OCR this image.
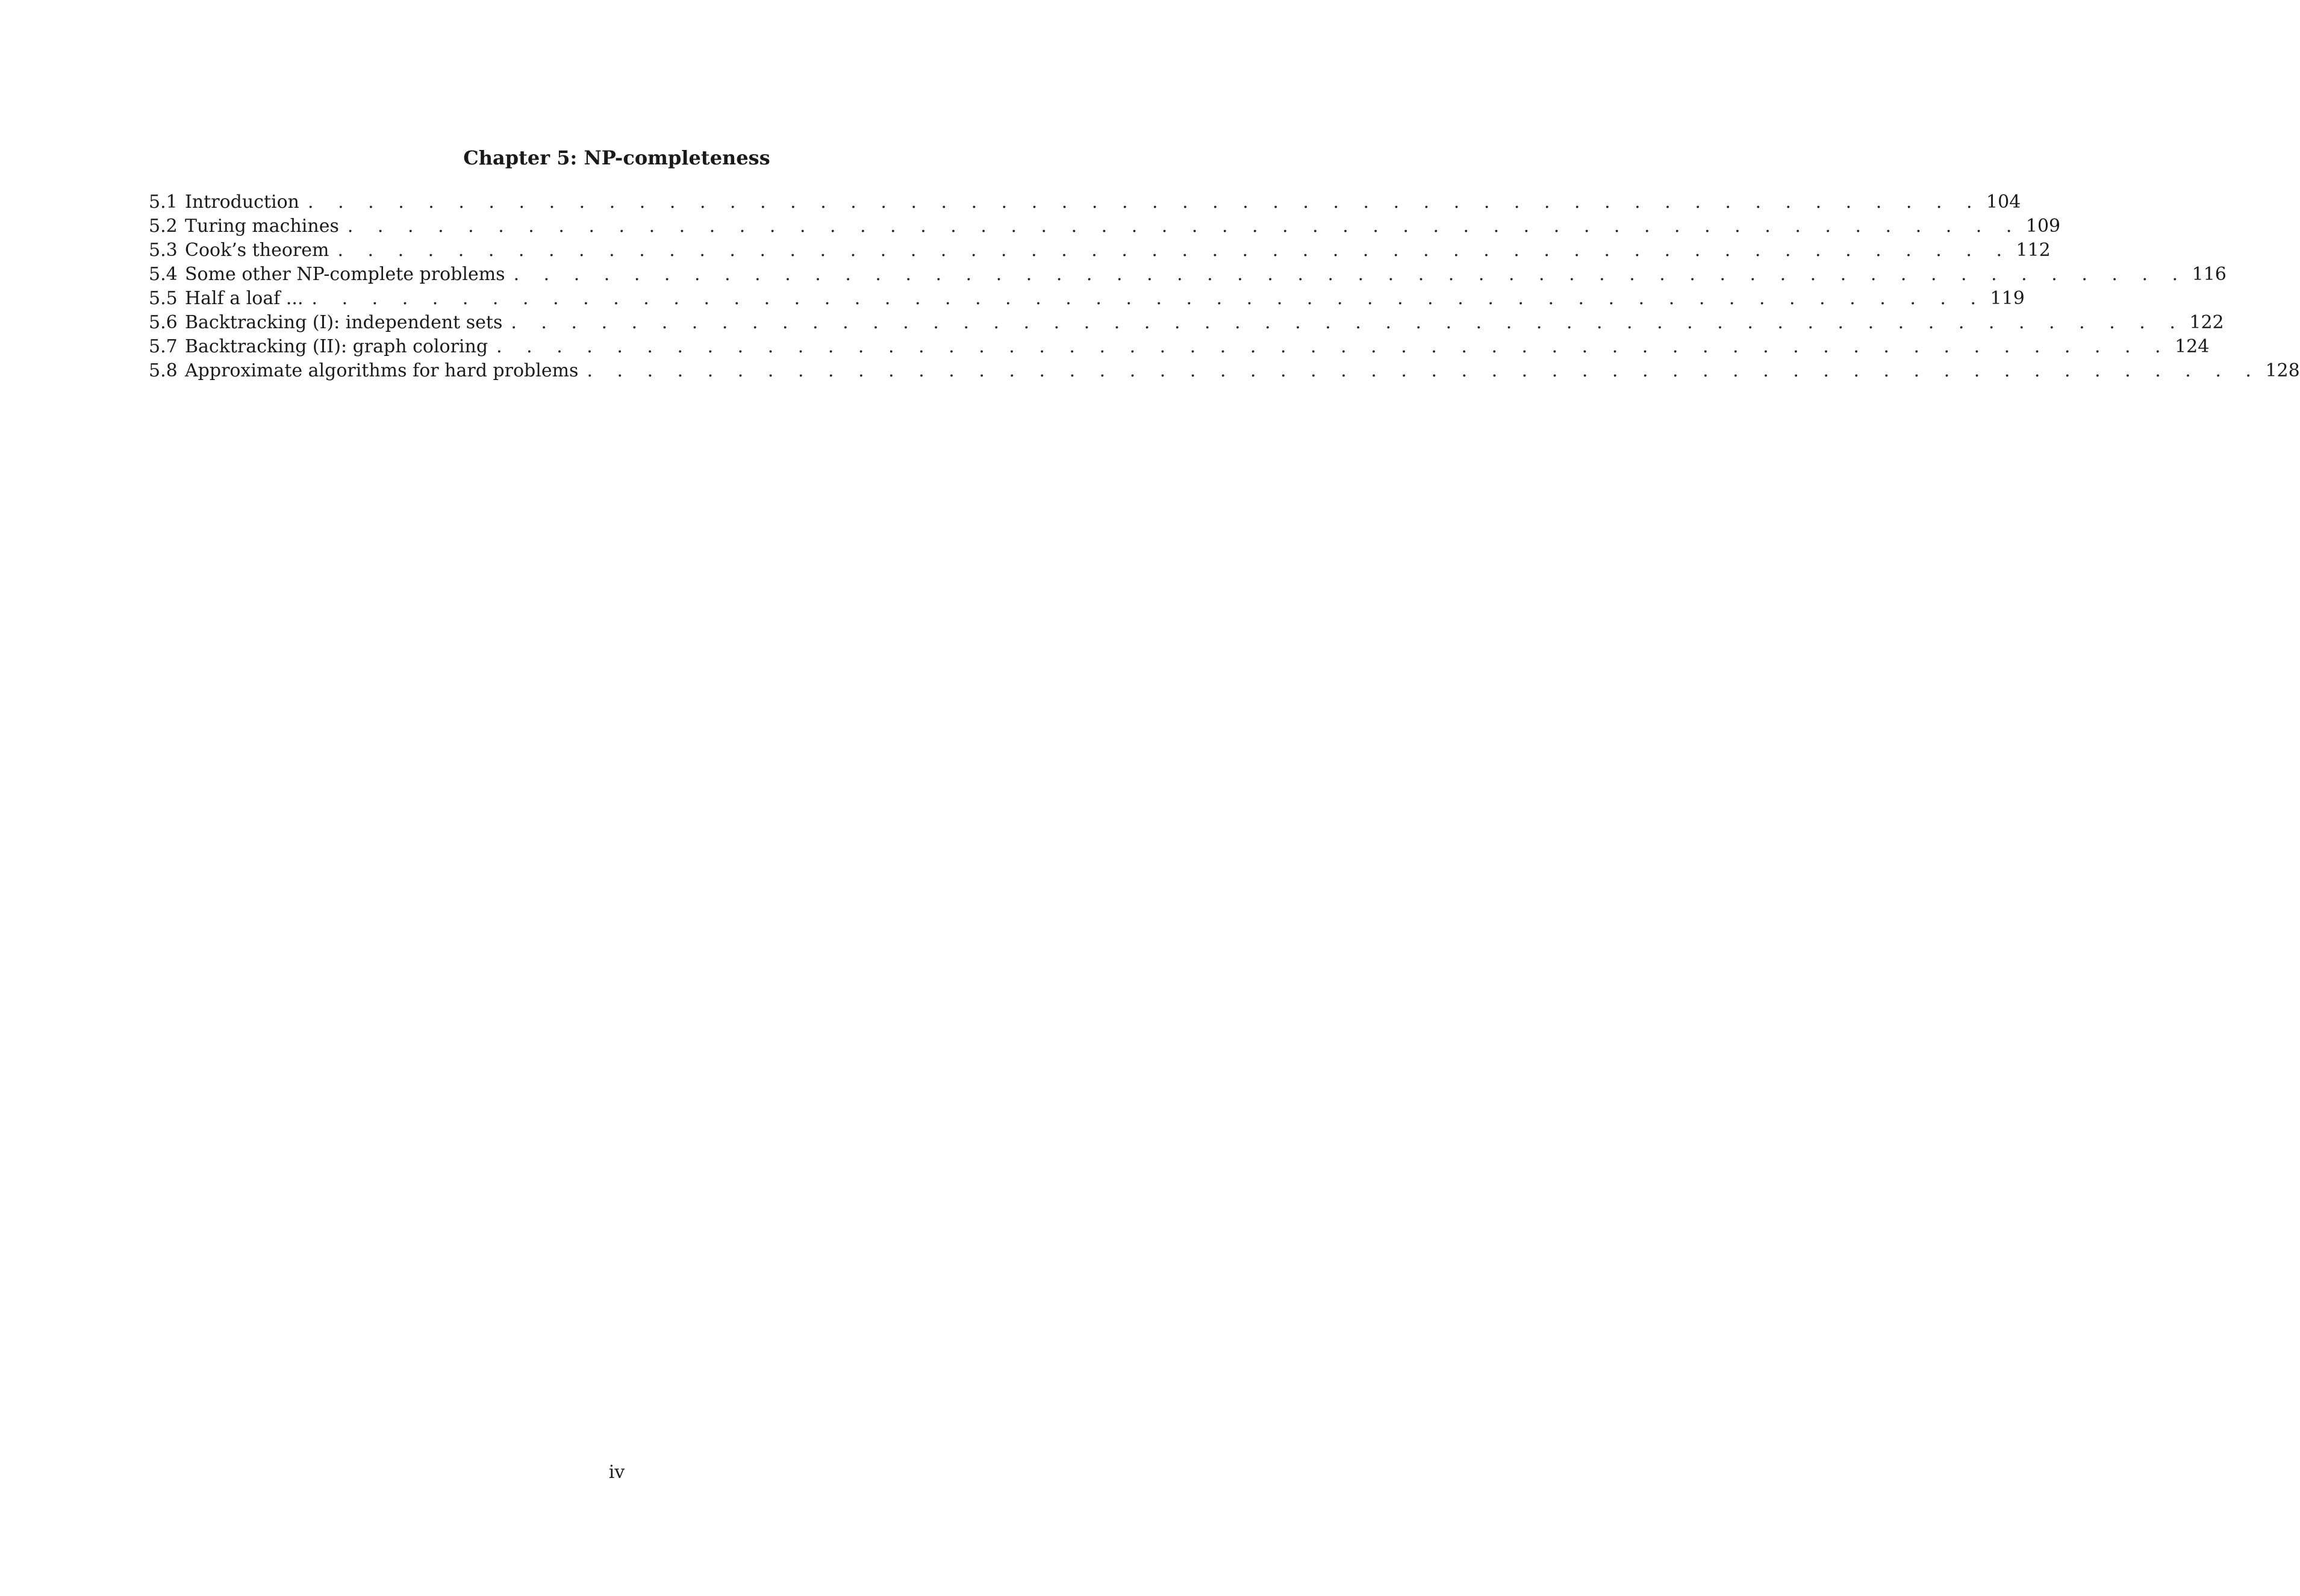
Chapter 5: NP-completeness
5.1 Introduction . . . . . . . . . . . . . . . . . . . . . . . . . . . . . . . . . . . . . . . . . . . . . . . . . . . . . . . . 104
5.2 Turing machines . . . . . . . . . . . . . . . . . . . . . . . . . . . . . . . . . . . . . . . . . . . . . . . . . . . . . . . . 109
5.3 Cook’s theorem . . . . . . . . . . . . . . . . . . . . . . . . . . . . . . . . . . . . . . . . . . . . . . . . . . . . . . . . 112
5.4 Some other NP-complete problems . . . . . . . . . . . . . . . . . . . . . . . . . . . . . . . . . . . . . . . . . . . . . . . . . . . . . . . . 116
5.5 Half a loaf ... . . . . . . . . . . . . . . . . . . . . . . . . . . . . . . . . . . . . . . . . . . . . . . . . . . . . . . . . 119
5.6 Backtracking (I): independent sets . . . . . . . . . . . . . . . . . . . . . . . . . . . . . . . . . . . . . . . . . . . . . . . . . . . . . . . . 122
5.7 Backtracking (II): graph coloring . . . . . . . . . . . . . . . . . . . . . . . . . . . . . . . . . . . . . . . . . . . . . . . . . . . . . . . . 124
5.8 Approximate algorithms for hard problems . . . . . . . . . . . . . . . . . . . . . . . . . . . . . . . . . . . . . . . . . . . . . . . . . . . . . . . . 128

iv
